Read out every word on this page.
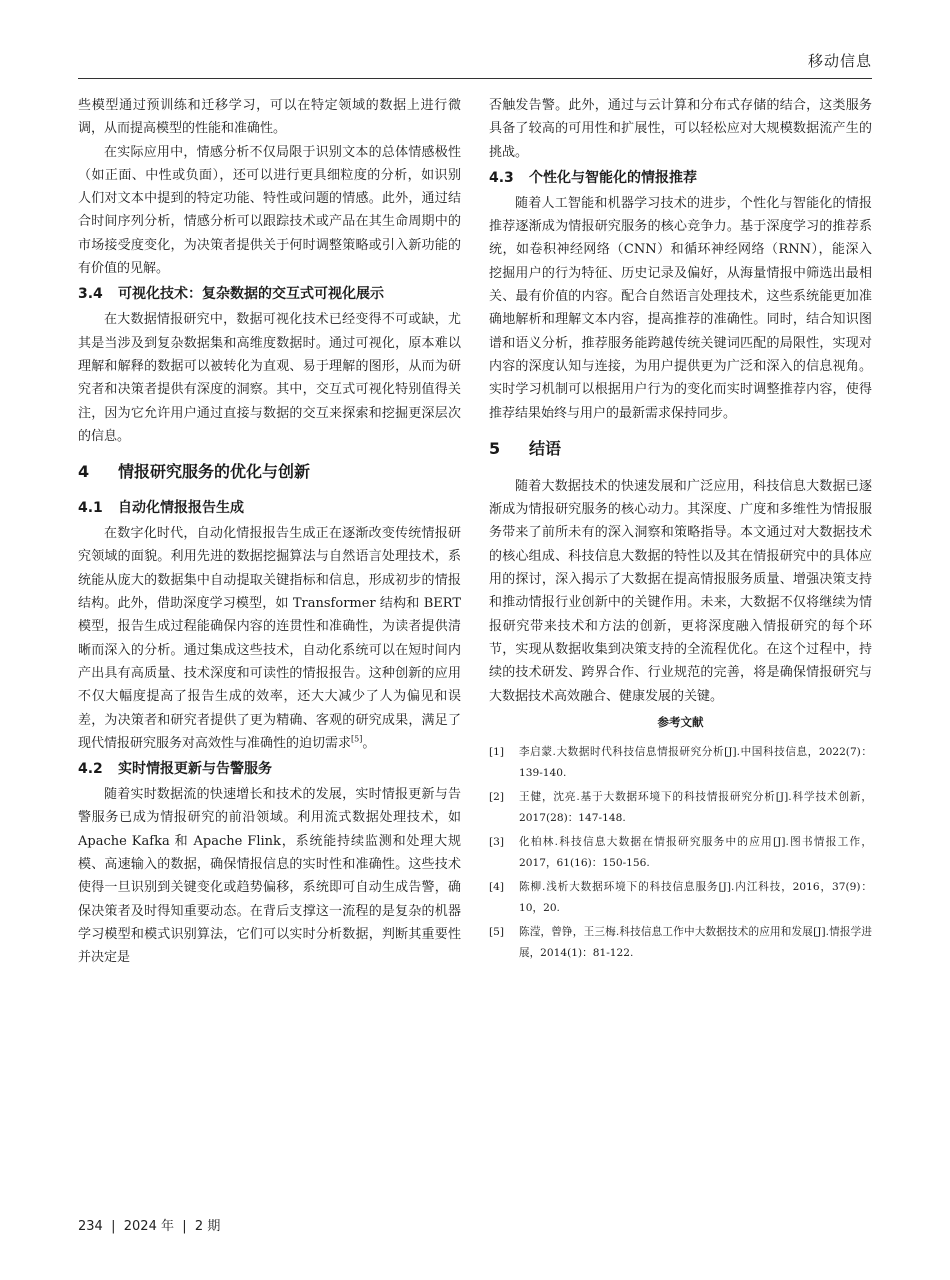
移动信息

些模型通过预训练和迁移学习，可以在特定领域的数据上进行微调，从而提高模型的性能和准确性。

在实际应用中，情感分析不仅局限于识别文本的总体情感极性（如正面、中性或负面），还可以进行更具细粒度的分析，如识别人们对文本中提到的特定功能、特性或问题的情感。此外，通过结合时间序列分析，情感分析可以跟踪技术或产品在其生命周期中的市场接受度变化，为决策者提供关于何时调整策略或引入新功能的有价值的见解。

3.4 可视化技术：复杂数据的交互式可视化展示

在大数据情报研究中，数据可视化技术已经变得不可或缺，尤其是当涉及到复杂数据集和高维度数据时。通过可视化，原本难以理解和解释的数据可以被转化为直观、易于理解的图形，从而为研究者和决策者提供有深度的洞察。其中，交互式可视化特别值得关注，因为它允许用户通过直接与数据的交互来探索和挖掘更深层次的信息。

4 情报研究服务的优化与创新
4.1 自动化情报报告生成

在数字化时代，自动化情报报告生成正在逐渐改变传统情报研究领域的面貌。利用先进的数据挖掘算法与自然语言处理技术，系统能从庞大的数据集中自动提取关键指标和信息，形成初步的情报结构。此外，借助深度学习模型，如 Transformer 结构和 BERT 模型，报告生成过程能确保内容的连贯性和准确性，为读者提供清晰而深入的分析。通过集成这些技术，自动化系统可以在短时间内产出具有高质量、技术深度和可读性的情报报告。这种创新的应用不仅大幅度提高了报告生成的效率，还大大减少了人为偏见和误差，为决策者和研究者提供了更为精确、客观的研究成果，满足了现代情报研究服务对高效性与准确性的迫切需求[5]。

4.2 实时情报更新与告警服务

随着实时数据流的快速增长和技术的发展，实时情报更新与告警服务已成为情报研究的前沿领域。利用流式数据处理技术，如 Apache Kafka 和 Apache Flink，系统能持续监测和处理大规模、高速输入的数据，确保情报信息的实时性和准确性。这些技术使得一旦识别到关键变化或趋势偏移，系统即可自动生成告警，确保决策者及时得知重要动态。在背后支撑这一流程的是复杂的机器学习模型和模式识别算法，它们可以实时分析数据，判断其重要性并决定是

否触发告警。此外，通过与云计算和分布式存储的结合，这类服务具备了较高的可用性和扩展性，可以轻松应对大规模数据流产生的挑战。

4.3 个性化与智能化的情报推荐

随着人工智能和机器学习技术的进步，个性化与智能化的情报推荐逐渐成为情报研究服务的核心竞争力。基于深度学习的推荐系统，如卷积神经网络（CNN）和循环神经网络（RNN），能深入挖掘用户的行为特征、历史记录及偏好，从海量情报中筛选出最相关、最有价值的内容。配合自然语言处理技术，这些系统能更加准确地解析和理解文本内容，提高推荐的准确性。同时，结合知识图谱和语义分析，推荐服务能跨越传统关键词匹配的局限性，实现对内容的深度认知与连接，为用户提供更为广泛和深入的信息视角。实时学习机制可以根据用户行为的变化而实时调整推荐内容，使得推荐结果始终与用户的最新需求保持同步。

5 结语

随着大数据技术的快速发展和广泛应用，科技信息大数据已逐渐成为情报研究服务的核心动力。其深度、广度和多维性为情报服务带来了前所未有的深入洞察和策略指导。本文通过对大数据技术的核心组成、科技信息大数据的特性以及其在情报研究中的具体应用的探讨，深入揭示了大数据在提高情报服务质量、增强决策支持和推动情报行业创新中的关键作用。未来，大数据不仅将继续为情报研究带来技术和方法的创新，更将深度融入情报研究的每个环节，实现从数据收集到决策支持的全流程优化。在这个过程中，持续的技术研发、跨界合作、行业规范的完善，将是确保情报研究与大数据技术高效融合、健康发展的关键。

参考文献
[1] 李启蒙.大数据时代科技信息情报研究分析[J].中国科技信息，2022(7)：139-140.
[2] 王健，沈亮.基于大数据环境下的科技情报研究分析[J].科学技术创新，2017(28)：147-148.
[3] 化柏林.科技信息大数据在情报研究服务中的应用[J].图书情报工作，2017，61(16)：150-156.
[4] 陈柳.浅析大数据环境下的科技信息服务[J].内江科技，2016，37(9)：10，20.
[5] 陈滢，曾铮，王三梅.科技信息工作中大数据技术的应用和发展[J].情报学进展，2014(1)：81-122.
234  |  2024 年  |  2 期
